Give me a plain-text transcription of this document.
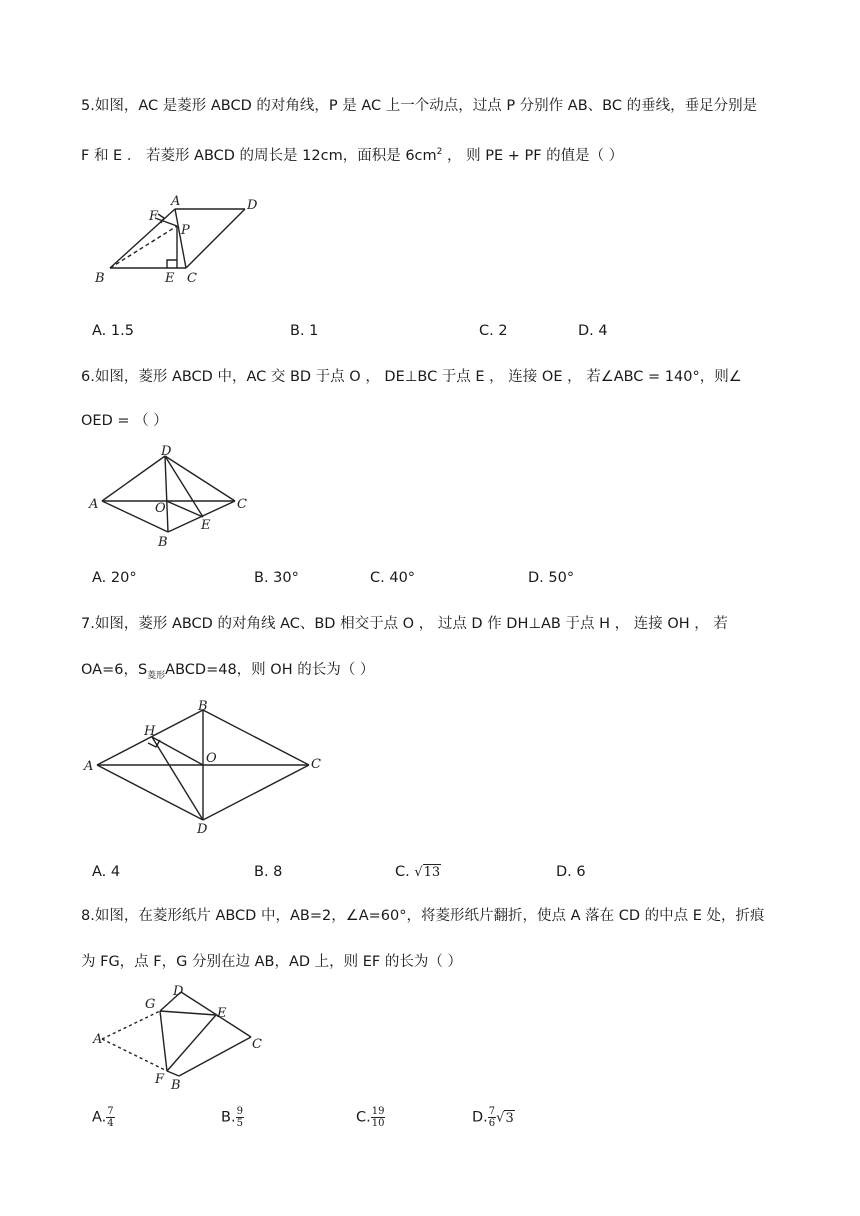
5.如图，AC 是菱形 ABCD 的对角线，P 是 AC 上一个动点，过点 P 分别作 AB、BC 的垂线，垂足分别是
F 和 E ． 若菱形 ABCD 的周长是 12cm，面积是 $6cm^2$ ， 则 PE + PF 的值是（ ）
A	D
F
P
B	E C
A. 1.5	B. 1	C. 2	D. 4
6.如图，菱形 ABCD 中，AC 交 BD 于点 O ， DE⊥BC 于点 E ， 连接 OE ， 若∠ABC = 140°，则∠
OED = （ ）
D
A	O	C
E
B
A. 20°	B. 30°	C. 40°	D. 50°
7.如图，菱形 ABCD 的对角线 AC、BD 相交于点 O ， 过点 D 作 DH⊥AB 于点 H ， 连接 OH ， 若
OA=6，$S_{菱形}ABCD=48$，则 OH 的长为（ ）
B
H
A
O	C
D
A. 4	B. 8	C. √13	D. 6
8.如图，在菱形纸片 ABCD 中，AB=2，∠A=60°，将菱形纸片翻折，使点 A 落在 CD 的中点 E 处，折痕
为 FG，点 F，G 分别在边 AB，AD 上，则 EF 的长为（ ）
G
D
E
A	C
F B
A. $\frac{7}{4}$	B. $\frac{9}{5}$	C. $\frac{19}{10}$	D. $\frac{7}{6} √3$
